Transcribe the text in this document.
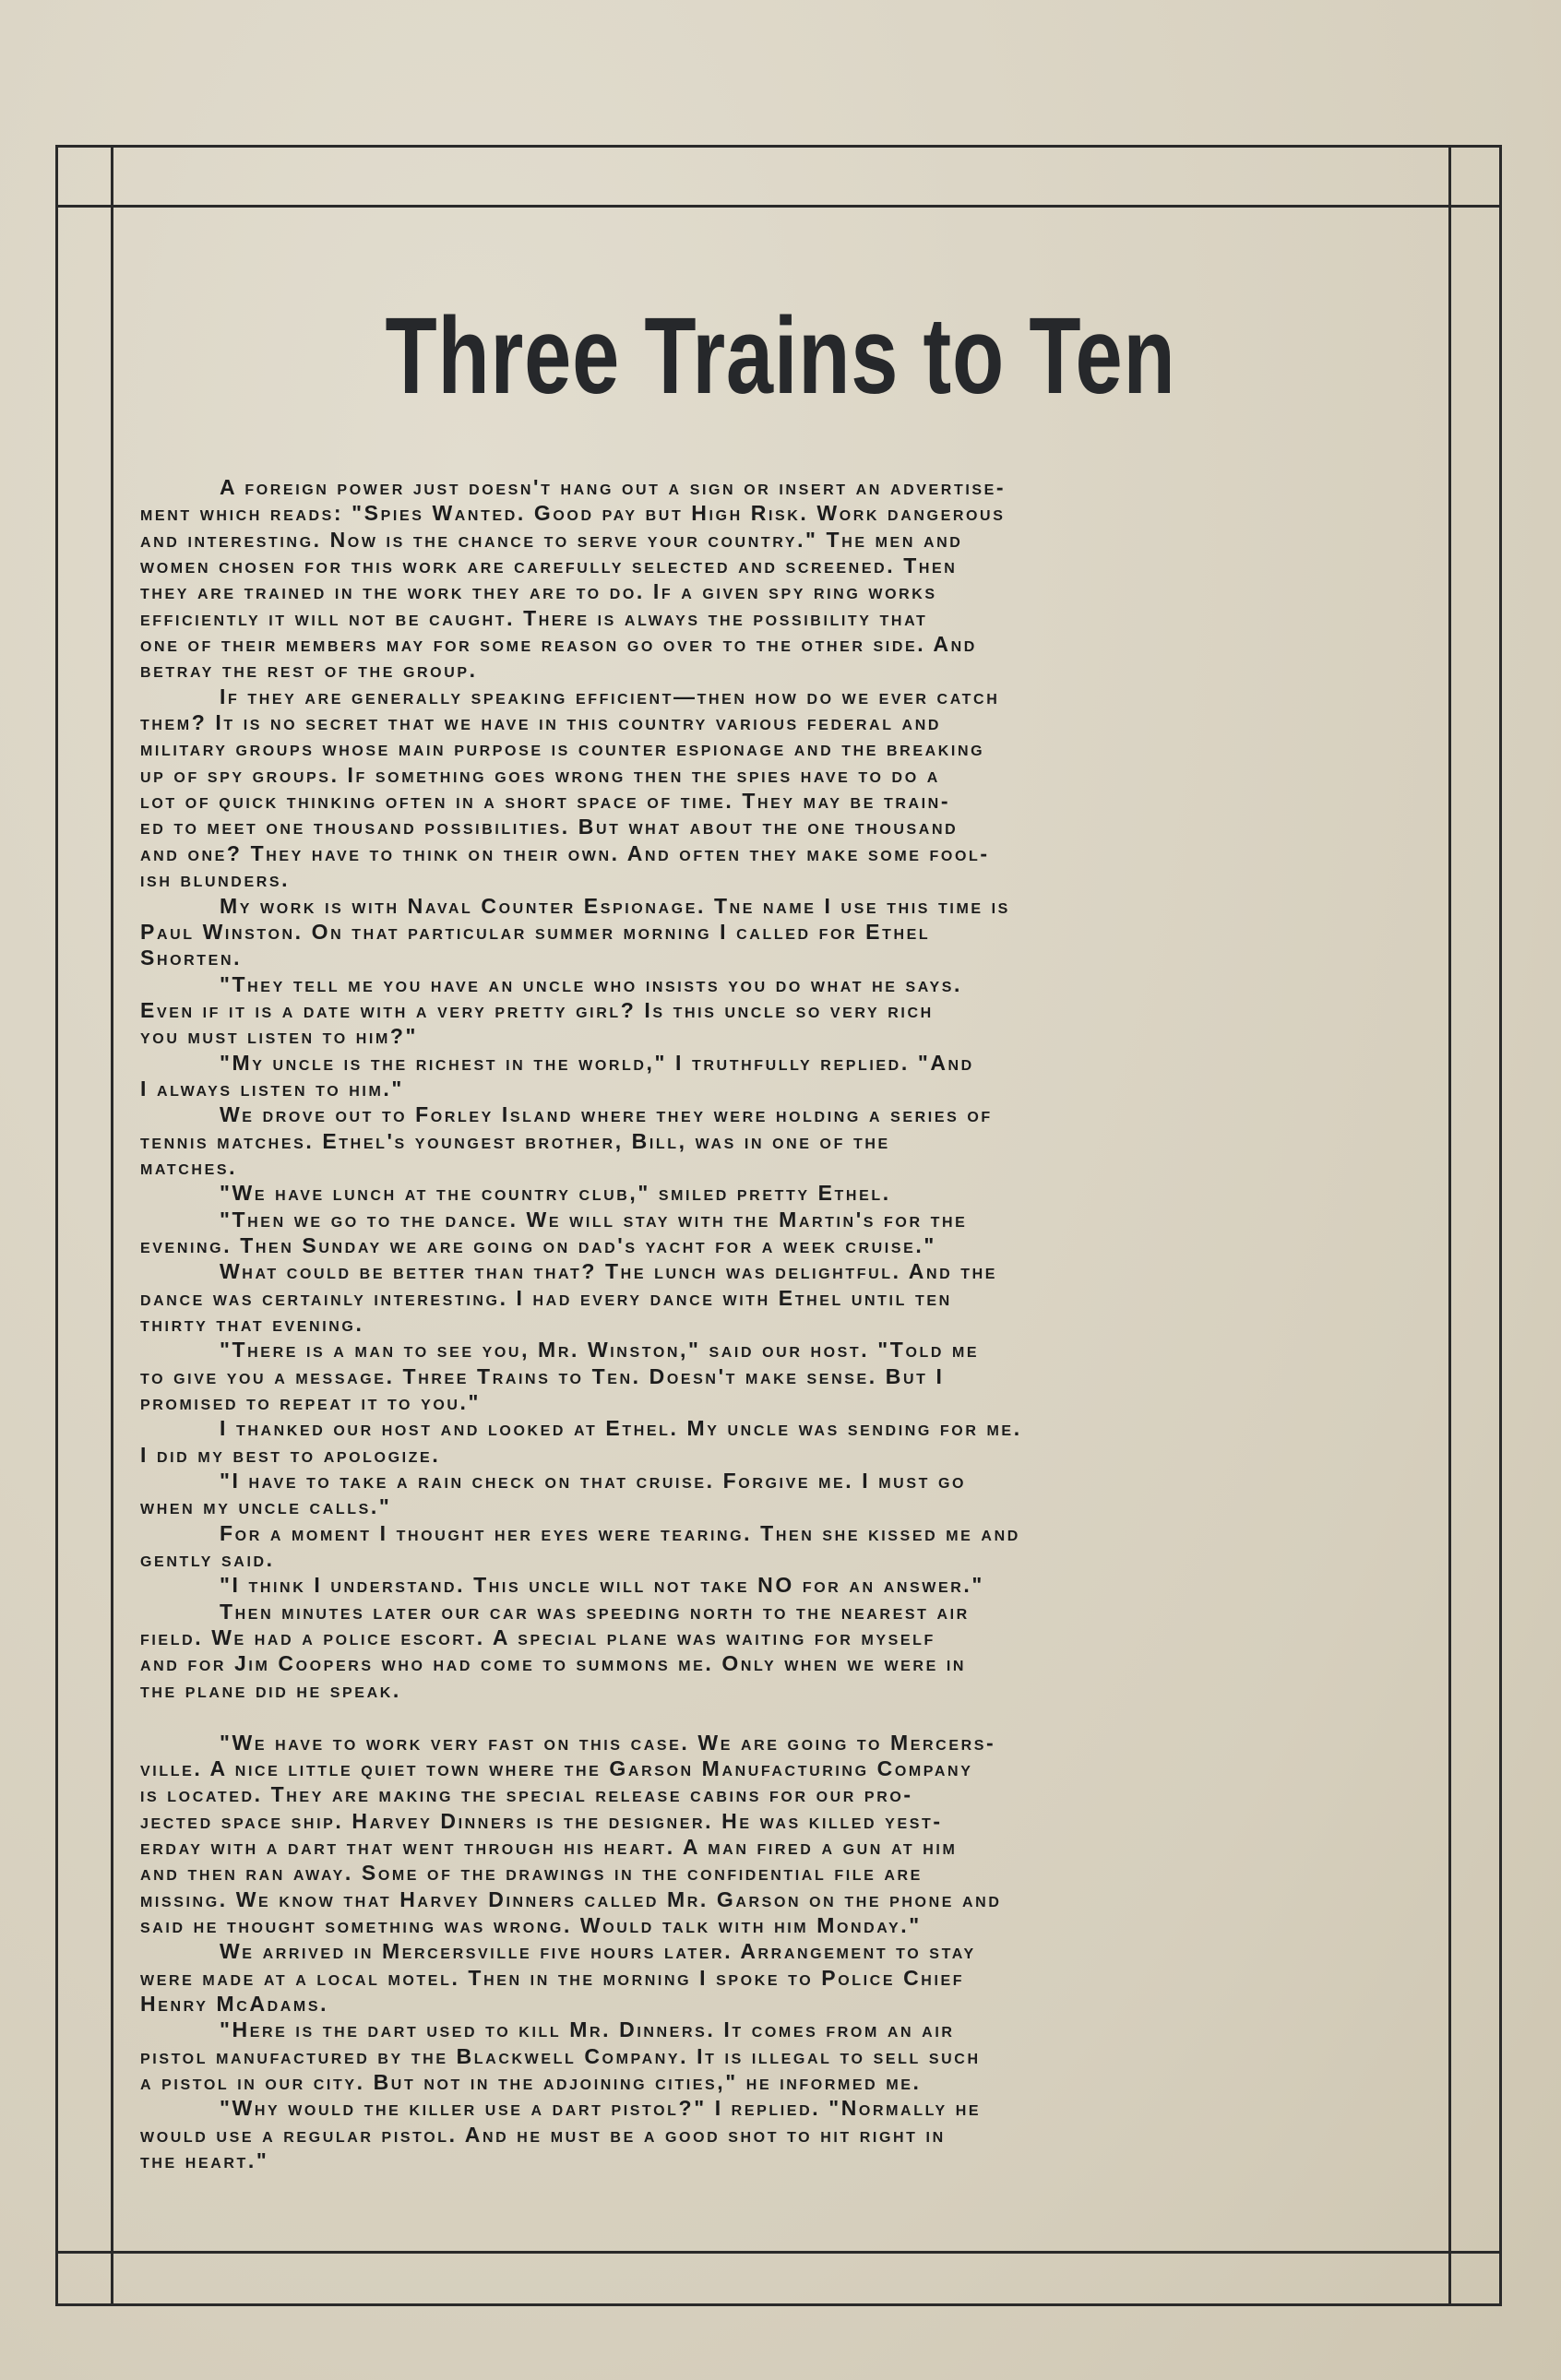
Three Trains to Ten
A foreign power just doesn't hang out a sign or insert an advertise-
ment which reads: "Spies Wanted. Good pay but High Risk. Work dangerous
and interesting. Now is the chance to serve your country." The men and
women chosen for this work are carefully selected and screened. Then
they are trained in the work they are to do. If a given spy ring works
efficiently it will not be caught. There is always the possibility that
one of their members may for some reason go over to the other side. And
betray the rest of the group.
If they are generally speaking efficient—then how do we ever catch
them? It is no secret that we have in this country various federal and
military groups whose main purpose is counter espionage and the breaking
up of spy groups. If something goes wrong then the spies have to do a
lot of quick thinking often in a short space of time. They may be train-
ed to meet one thousand possibilities. But what about the one thousand
and one? They have to think on their own. And often they make some fool-
ish blunders.
My work is with Naval Counter Espionage. Tne name I use this time is
Paul Winston. On that particular summer morning I called for Ethel
Shorten.
"They tell me you have an uncle who insists you do what he says.
Even if it is a date with a very pretty girl? Is this uncle so very rich
you must listen to him?"
"My uncle is the richest in the world," I truthfully replied. "And
I always listen to him."
We drove out to Forley Island where they were holding a series of
tennis matches. Ethel's youngest brother, Bill, was in one of the
matches.
"We have lunch at the country club," smiled pretty Ethel.
"Then we go to the dance. We will stay with the Martin's for the
evening. Then Sunday we are going on dad's yacht for a week cruise."
What could be better than that? The lunch was delightful. And the
dance was certainly interesting. I had every dance with Ethel until ten
thirty that evening.
"There is a man to see you, Mr. Winston," said our host. "Told me
to give you a message. Three Trains to Ten. Doesn't make sense. But I
promised to repeat it to you."
I thanked our host and looked at Ethel. My uncle was sending for me.
I did my best to apologize.
"I have to take a rain check on that cruise. Forgive me. I must go
when my uncle calls."
For a moment I thought her eyes were tearing. Then she kissed me and
gently said.
"I think I understand. This uncle will not take NO for an answer."
Then minutes later our car was speeding north to the nearest air
field. We had a police escort. A special plane was waiting for myself
and for Jim Coopers who had come to summons me. Only when we were in
the plane did he speak.
"We have to work very fast on this case. We are going to Mercers-
ville. A nice little quiet town where the Garson Manufacturing Company
is located. They are making the special release cabins for our pro-
jected space ship. Harvey Dinners is the designer. He was killed yest-
erday with a dart that went through his heart. A man fired a gun at him
and then ran away. Some of the drawings in the confidential file are
missing. We know that Harvey Dinners called Mr. Garson on the phone and
said he thought something was wrong. Would talk with him Monday."
We arrived in Mercersville five hours later. Arrangement to stay
were made at a local motel. Then in the morning I spoke to Police Chief
Henry McAdams.
"Here is the dart used to kill Mr. Dinners. It comes from an air
pistol manufactured by the Blackwell Company. It is illegal to sell such
a pistol in our city. But not in the adjoining cities," he informed me.
"Why would the killer use a dart pistol?" I replied. "Normally he
would use a regular pistol. And he must be a good shot to hit right in
the heart."
